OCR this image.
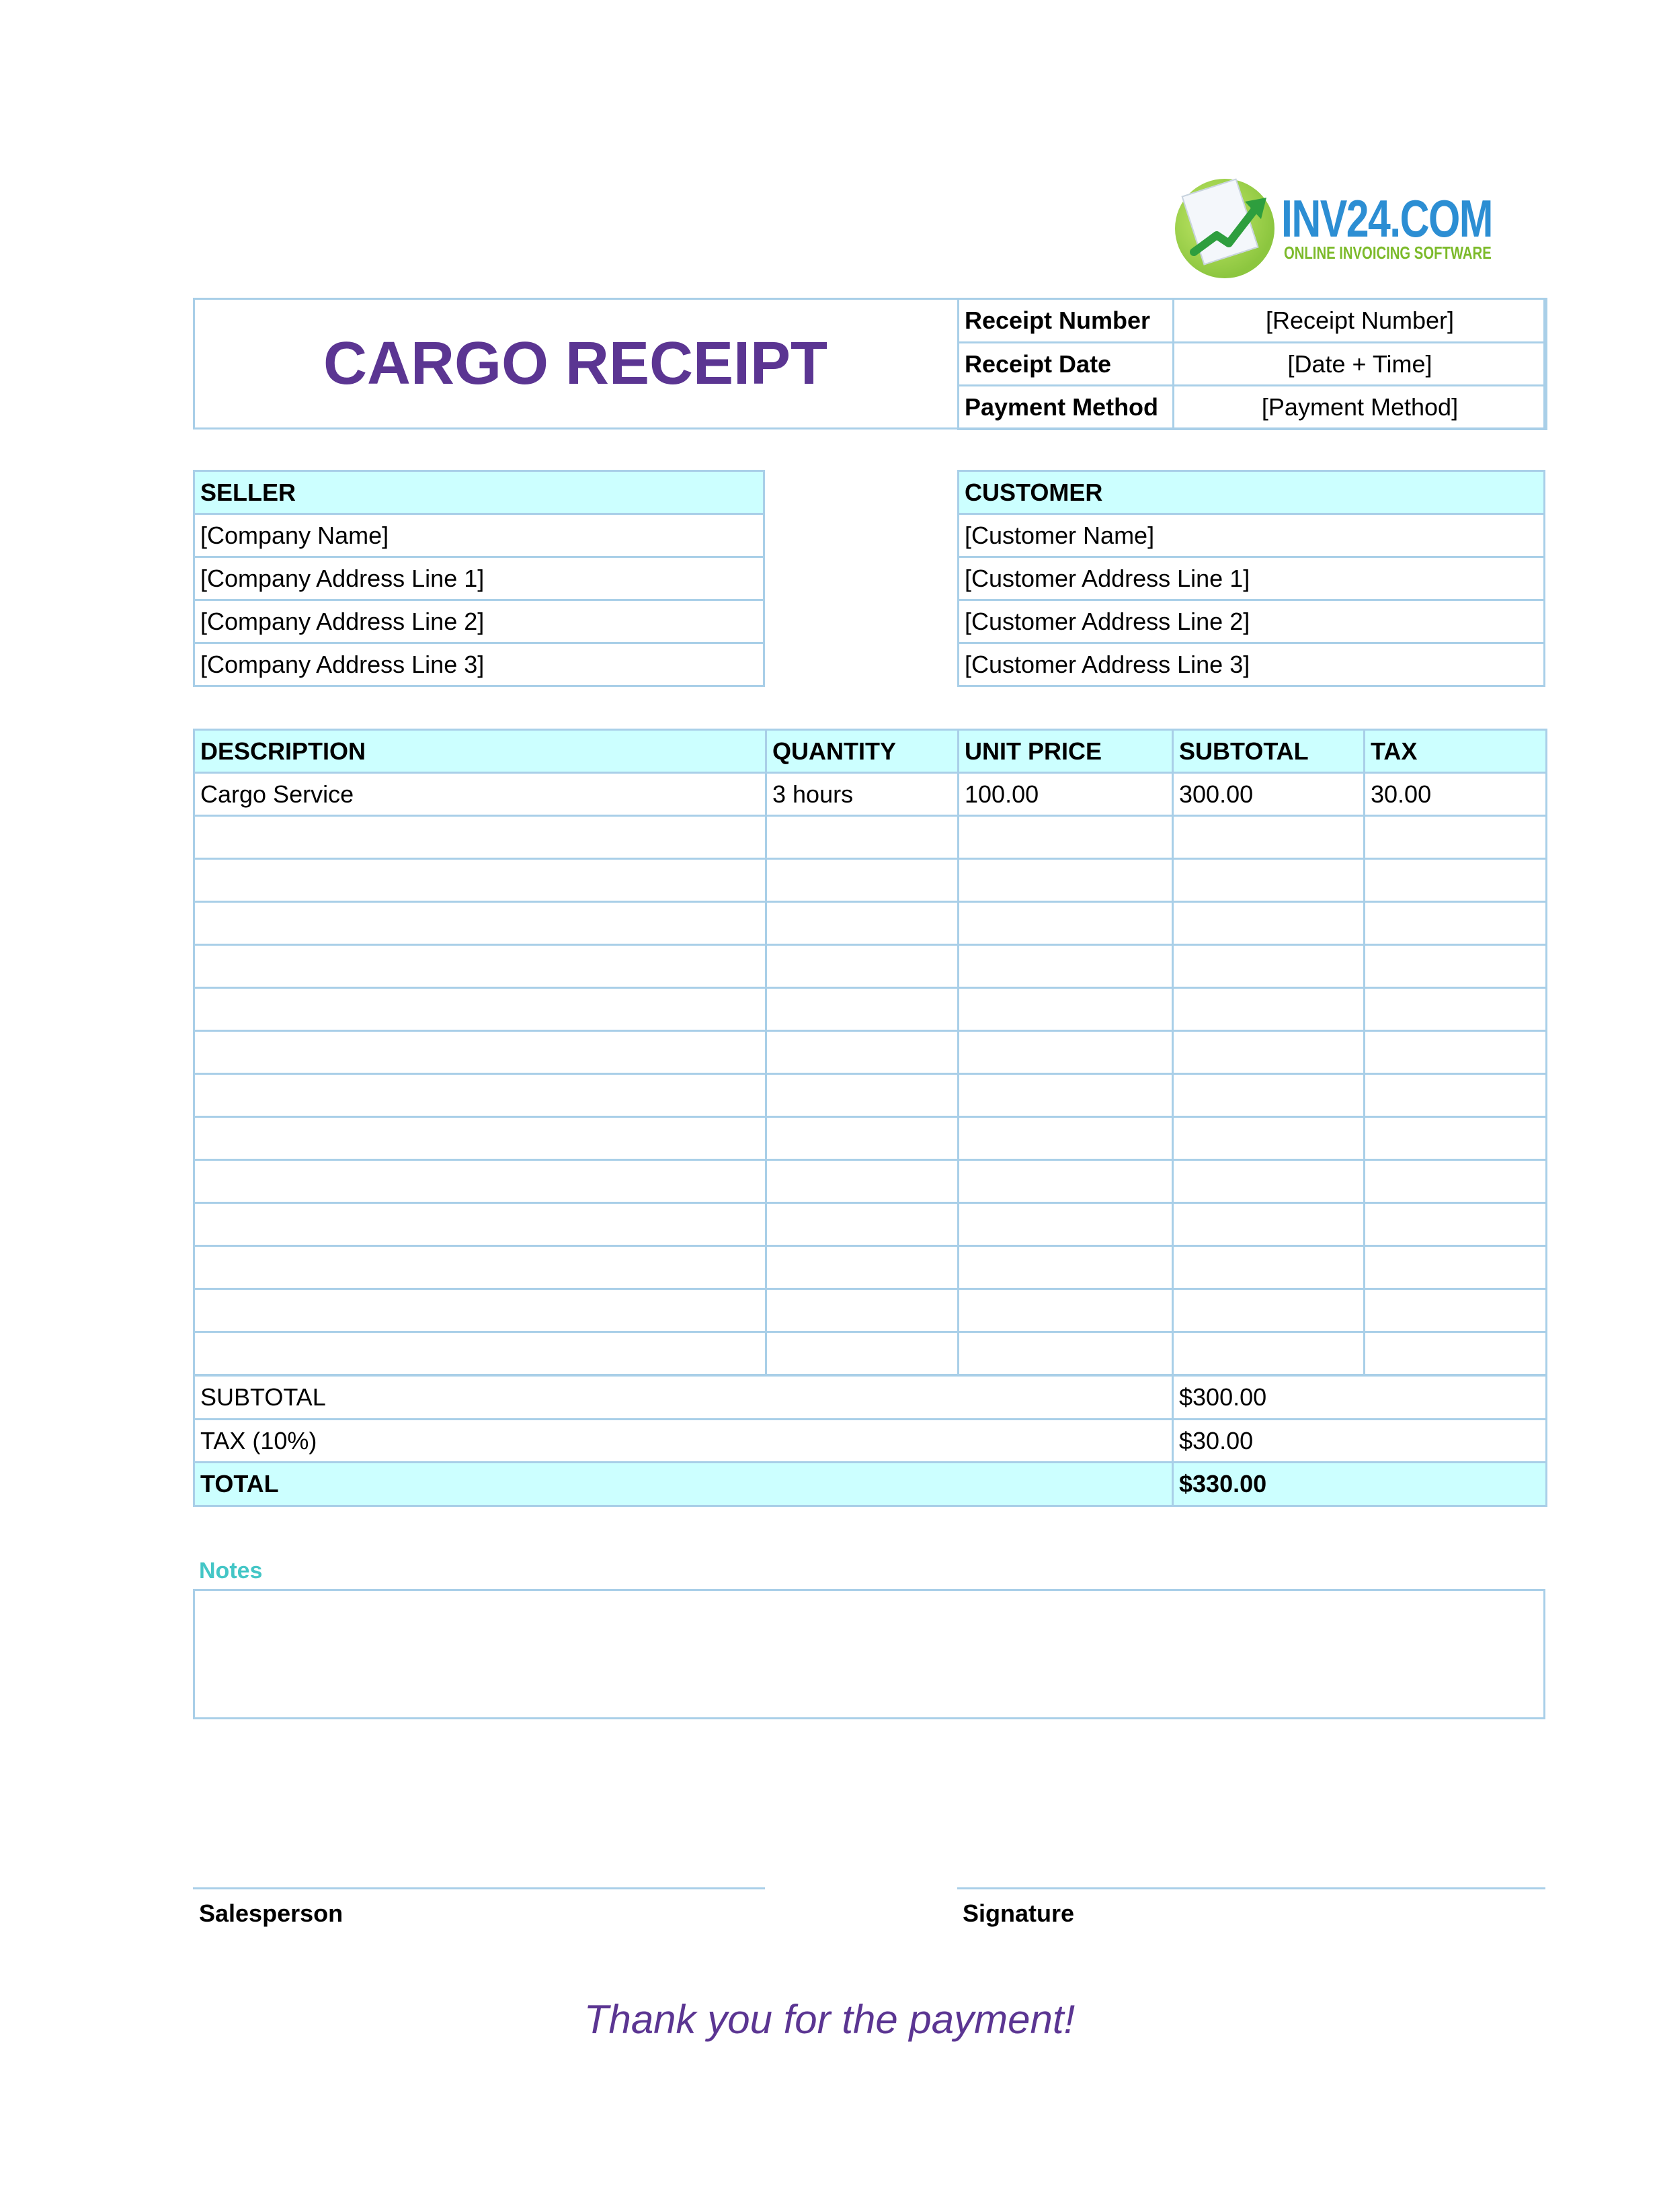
INV24.COM
ONLINE INVOICING SOFTWARE
CARGO RECEIPT
Receipt Number	[Receipt Number]
Receipt Date	[Date + Time]
Payment Method	[Payment Method]
SELLER
[Company Name]
[Company Address Line 1]
[Company Address Line 2]
[Company Address Line 3]
CUSTOMER
[Customer Name]
[Customer Address Line 1]
[Customer Address Line 2]
[Customer Address Line 3]
DESCRIPTION	QUANTITY	UNIT PRICE	SUBTOTAL	TAX
Cargo Service	3 hours	100.00	300.00	30.00

SUBTOTAL	$300.00
TAX (10%)	$30.00
TOTAL	$330.00
Notes
Salesperson	Signature
Thank you for the payment!
